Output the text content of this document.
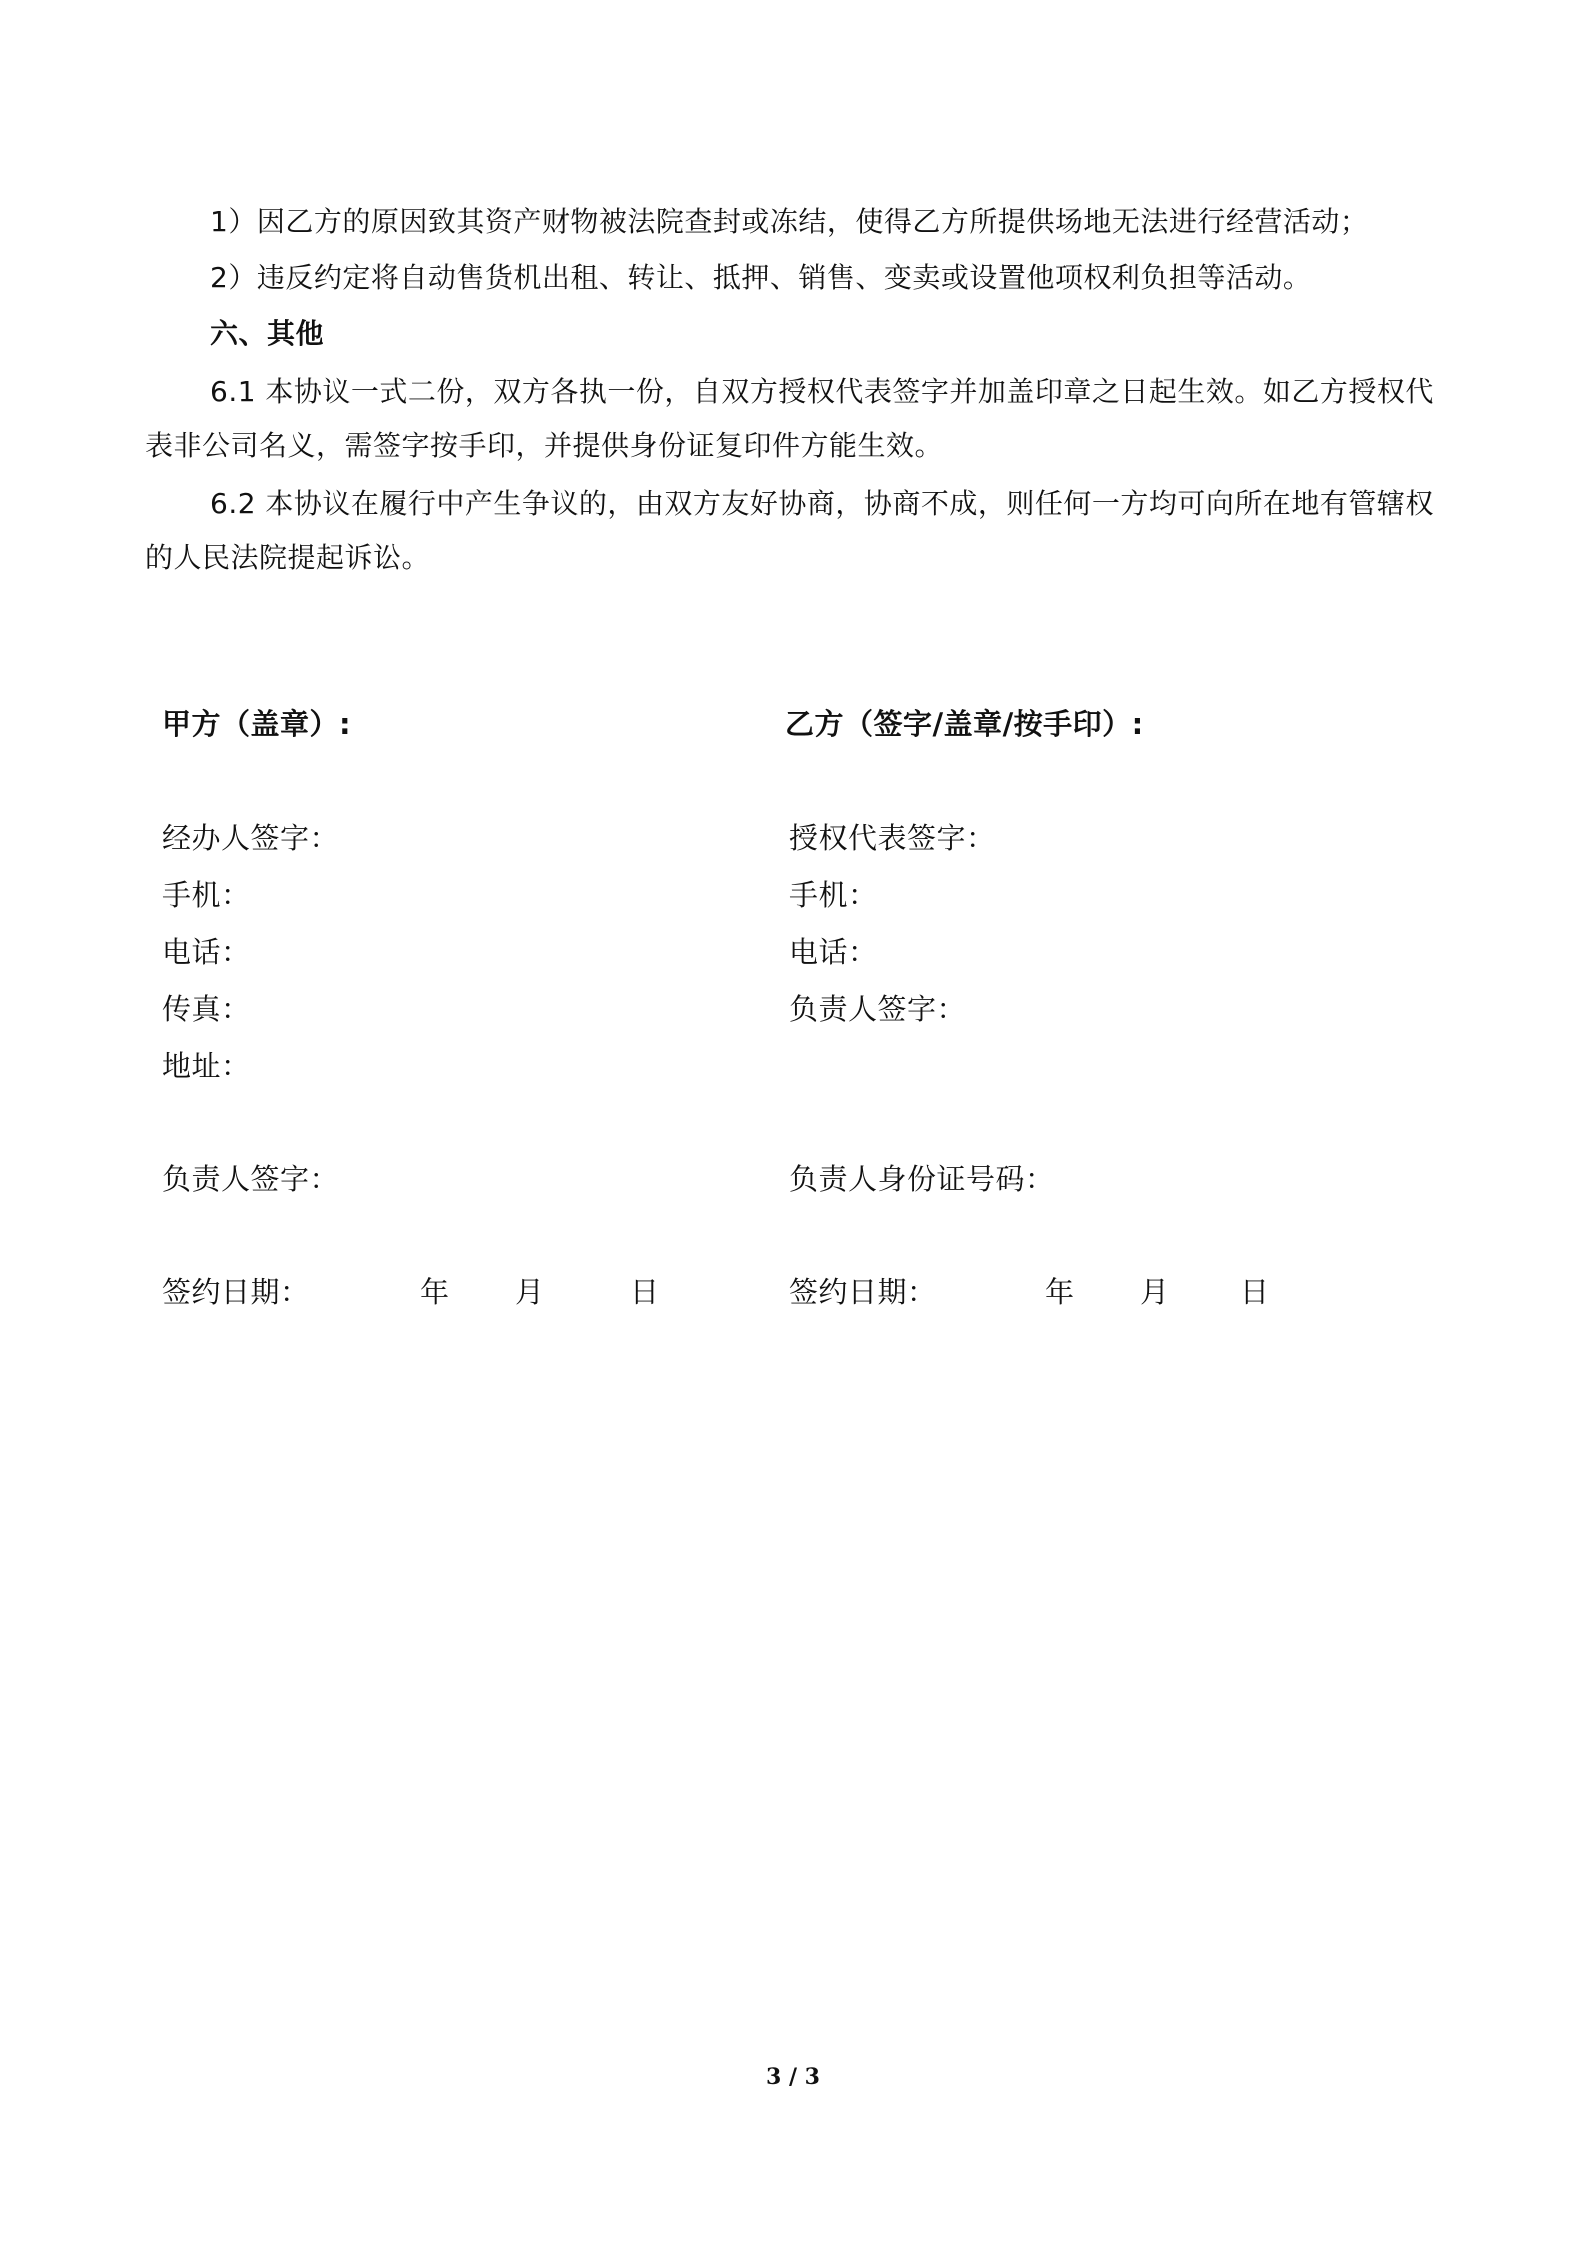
1）因乙方的原因致其资产财物被法院查封或冻结，使得乙方所提供场地无法进行经营活动；

2）违反约定将自动售货机出租、转让、抵押、销售、变卖或设置他项权利负担等活动。

六、其他

6.1 本协议一式二份，双方各执一份，自双方授权代表签字并加盖印章之日起生效。如乙方授权代表非公司名义，需签字按手印，并提供身份证复印件方能生效。

6.2 本协议在履行中产生争议的，由双方友好协商，协商不成，则任何一方均可向所在地有管辖权的人民法院提起诉讼。

甲方（盖章）:
经办人签字：
手机：
电话：
传真：
地址：
负责人签字：
签约日期：	年 月	日
乙方（签字/盖章/按手印）:
授权代表签字：
手机：
电话：
负责人签字：
负责人身份证号码：
签约日期：	年 月 日
3 / 3
